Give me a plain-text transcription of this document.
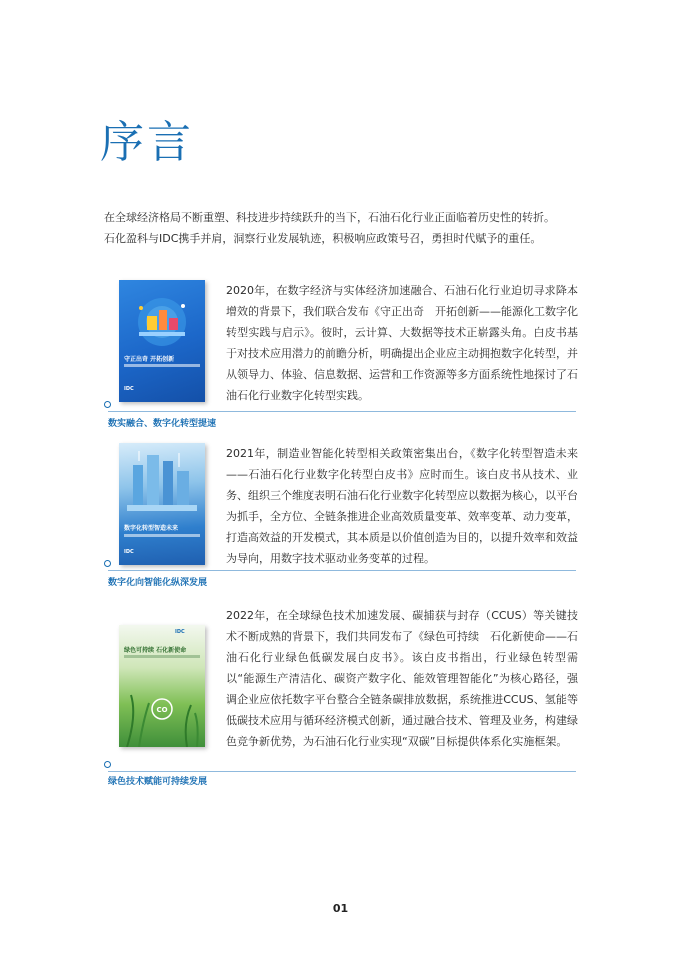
序言

在全球经济格局不断重塑、科技进步持续跃升的当下，石油石化行业正面临着历史性的转折。

石化盈科与IDC携手并肩，洞察行业发展轨迹，积极响应政策号召，勇担时代赋予的重任。

守正出奇 开拓创新
IDC
2020年，在数字经济与实体经济加速融合、石油石化行业迫切寻求降本增效的背景下，我们联合发布《守正出奇　开拓创新——能源化工数字化转型实践与启示》。彼时，云计算、大数据等技术正崭露头角。白皮书基于对技术应用潜力的前瞻分析，明确提出企业应主动拥抱数字化转型，并从领导力、体验、信息数据、运营和工作资源等多方面系统性地探讨了石油石化行业数字化转型实践。
数实融合、数字化转型提速
数字化转型智造未来
IDC
2021年，制造业智能化转型相关政策密集出台，《数字化转型智造未来——石油石化行业数字化转型白皮书》应时而生。该白皮书从技术、业务、组织三个维度表明石油石化行业数字化转型应以数据为核心，以平台为抓手，全方位、全链条推进企业高效质量变革、效率变革、动力变革，打造高效益的开发模式，其本质是以价值创造为目的，以提升效率和效益为导向，用数字技术驱动业务变革的过程。
数字化向智能化纵深发展
CO
IDC
绿色可持续 石化新使命
2022年，在全球绿色技术加速发展、碳捕获与封存（CCUS）等关键技术不断成熟的背景下，我们共同发布了《绿色可持续　石化新使命——石油石化行业绿色低碳发展白皮书》。该白皮书指出，行业绿色转型需以“能源生产清洁化、碳资产数字化、能效管理智能化”为核心路径，强调企业应依托数字平台整合全链条碳排放数据，系统推进CCUS、氢能等低碳技术应用与循环经济模式创新，通过融合技术、管理及业务，构建绿色竞争新优势，为石油石化行业实现“双碳”目标提供体系化实施框架。
绿色技术赋能可持续发展
01
